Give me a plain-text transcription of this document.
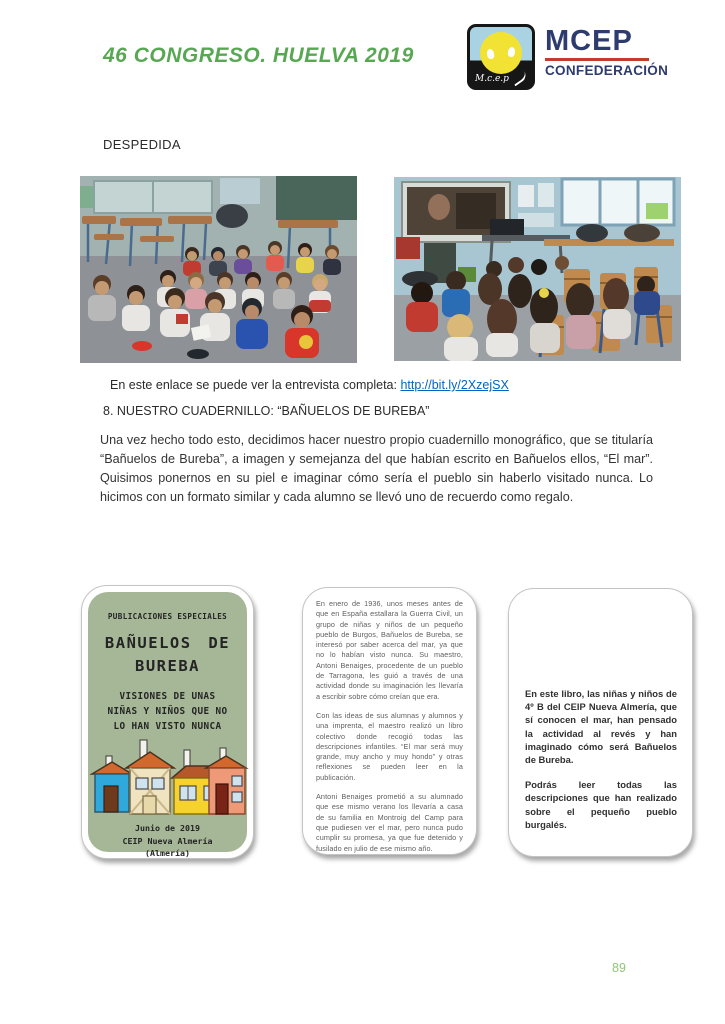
46 CONGRESO. HUELVA 2019
M.c.e.p
MCEP
CONFEDERACIÓN
DESPEDIDA
En este enlace se puede ver la entrevista completa: http://bit.ly/2XzejSX
8. NUESTRO CUADERNILLO: “BAÑUELOS DE BUREBA”
Una vez hecho todo esto, decidimos hacer nuestro propio cuadernillo monográfico, que se titularía “Bañuelos de Bureba”, a imagen y semejanza del que habían escrito en Bañuelos ellos, “El mar”. Quisimos ponernos en su piel e imaginar cómo sería el pueblo sin haberlo visitado nunca. Lo hicimos con un formato similar y cada alumno se llevó uno de recuerdo como regalo.
PUBLICACIONES ESPECIALES
BAÑUELOS DE
BUREBA
VISIONES DE UNAS
NIÑAS Y NIÑOS QUE NO
LO HAN VISTO NUNCA
Junio de 2019
CEIP Nueva Almería
(Almería)

En enero de 1936, unos meses antes de que en España estallara la Guerra Civil, un grupo de niñas y niños de un pequeño pueblo de Burgos, Bañuelos de Bureba, se interesó por saber acerca del mar, ya que no lo habían visto nunca. Su maestro, Antoni Benaiges, procedente de un pueblo de Tarragona, les guió a través de una actividad donde su imaginación les llevaría a escribir sobre cómo creían que era.

Con las ideas de sus alumnas y alumnos y una imprenta, el maestro realizó un libro colectivo donde recogió todas las descripciones infantiles. “El mar será muy grande, muy ancho y muy hondo” y otras reflexiones se pueden leer en la publicación.

Antoni Benaiges prometió a su alumnado que ese mismo verano los llevaría a casa de su familia en Montroig del Camp para que pudiesen ver el mar, pero nunca pudo cumplir su promesa, ya que fue detenido y fusilado en julio de ese mismo año.

En este libro, las niñas y niños de 4º B del CEIP Nueva Almería, que sí conocen el mar, han pensado la actividad al revés y han imaginado cómo será Bañuelos de Bureba.

Podrás leer todas las descripciones que han realizado sobre el pequeño pueblo burgalés.

89
